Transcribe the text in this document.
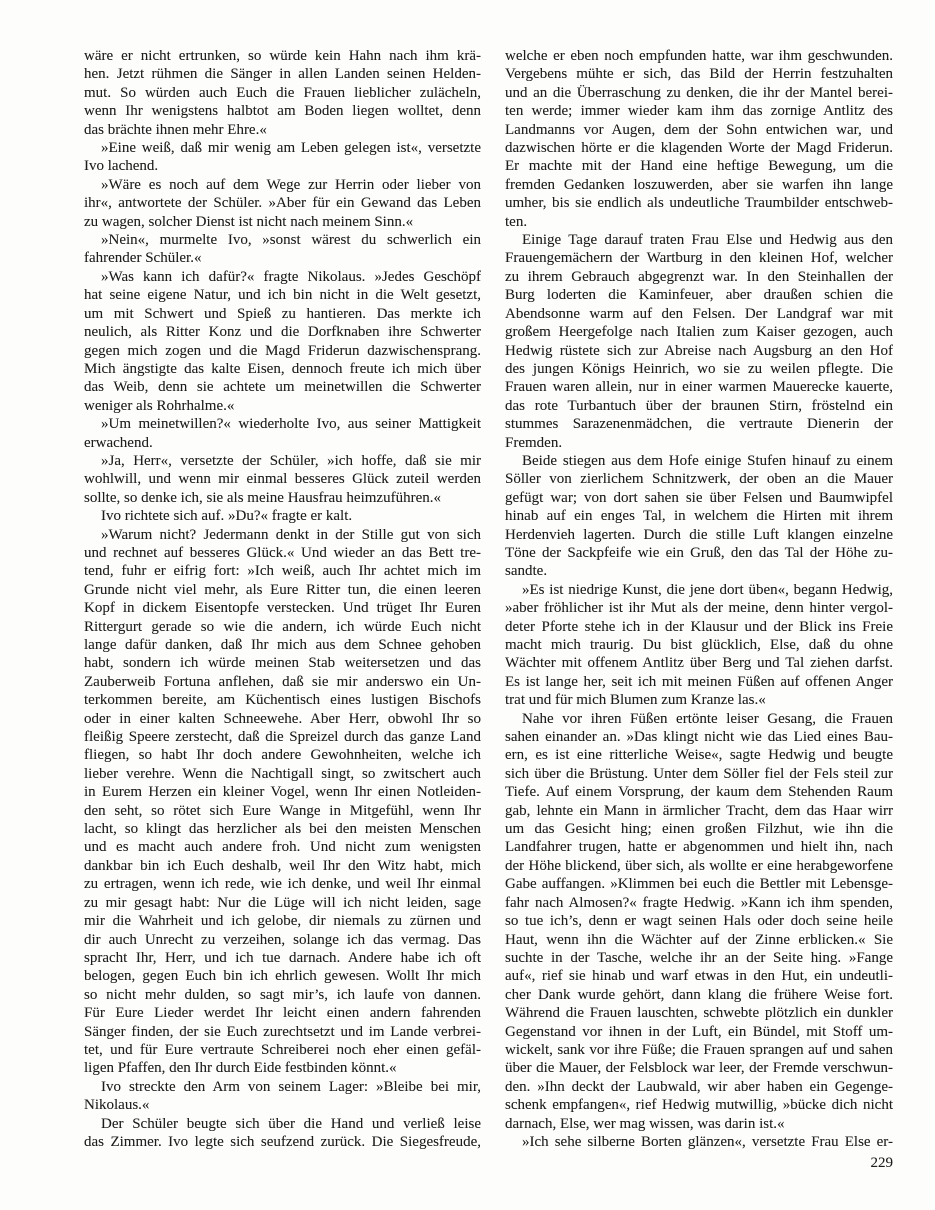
wäre er nicht ertrunken, so würde kein Hahn nach ihm krä-
hen. Jetzt rühmen die Sänger in allen Landen seinen Helden-
mut. So würden auch Euch die Frauen lieblicher zulächeln,
wenn Ihr wenigstens halbtot am Boden liegen wolltet, denn
das brächte ihnen mehr Ehre.«
»Eine weiß, daß mir wenig am Leben gelegen ist«, versetzte
Ivo lachend.
»Wäre es noch auf dem Wege zur Herrin oder lieber von
ihr«, antwortete der Schüler. »Aber für ein Gewand das Leben
zu wagen, solcher Dienst ist nicht nach meinem Sinn.«
»Nein«, murmelte Ivo, »sonst wärest du schwerlich ein
fahrender Schüler.«
»Was kann ich dafür?« fragte Nikolaus. »Jedes Geschöpf
hat seine eigene Natur, und ich bin nicht in die Welt gesetzt,
um mit Schwert und Spieß zu hantieren. Das merkte ich
neulich, als Ritter Konz und die Dorfknaben ihre Schwerter
gegen mich zogen und die Magd Friderun dazwischensprang.
Mich ängstigte das kalte Eisen, dennoch freute ich mich über
das Weib, denn sie achtete um meinetwillen die Schwerter
weniger als Rohrhalme.«
»Um meinetwillen?« wiederholte Ivo, aus seiner Mattigkeit
erwachend.
»Ja, Herr«, versetzte der Schüler, »ich hoffe, daß sie mir
wohlwill, und wenn mir einmal besseres Glück zuteil werden
sollte, so denke ich, sie als meine Hausfrau heimzuführen.«
Ivo richtete sich auf. »Du?« fragte er kalt.
»Warum nicht? Jedermann denkt in der Stille gut von sich
und rechnet auf besseres Glück.« Und wieder an das Bett tre-
tend, fuhr er eifrig fort: »Ich weiß, auch Ihr achtet mich im
Grunde nicht viel mehr, als Eure Ritter tun, die einen leeren
Kopf in dickem Eisentopfe verstecken. Und trüget Ihr Euren
Rittergurt gerade so wie die andern, ich würde Euch nicht
lange dafür danken, daß Ihr mich aus dem Schnee gehoben
habt, sondern ich würde meinen Stab weitersetzen und das
Zauberweib Fortuna anflehen, daß sie mir anderswo ein Un-
terkommen bereite, am Küchentisch eines lustigen Bischofs
oder in einer kalten Schneewehe. Aber Herr, obwohl Ihr so
fleißig Speere zerstecht, daß die Spreizel durch das ganze Land
fliegen, so habt Ihr doch andere Gewohnheiten, welche ich
lieber verehre. Wenn die Nachtigall singt, so zwitschert auch
in Eurem Herzen ein kleiner Vogel, wenn Ihr einen Notleiden-
den seht, so rötet sich Eure Wange in Mitgefühl, wenn Ihr
lacht, so klingt das herzlicher als bei den meisten Menschen
und es macht auch andere froh. Und nicht zum wenigsten
dankbar bin ich Euch deshalb, weil Ihr den Witz habt, mich
zu ertragen, wenn ich rede, wie ich denke, und weil Ihr einmal
zu mir gesagt habt: Nur die Lüge will ich nicht leiden, sage
mir die Wahrheit und ich gelobe, dir niemals zu zürnen und
dir auch Unrecht zu verzeihen, solange ich das vermag. Das
spracht Ihr, Herr, und ich tue darnach. Andere habe ich oft
belogen, gegen Euch bin ich ehrlich gewesen. Wollt Ihr mich
so nicht mehr dulden, so sagt mir’s, ich laufe von dannen.
Für Eure Lieder werdet Ihr leicht einen andern fahrenden
Sänger finden, der sie Euch zurechtsetzt und im Lande verbrei-
tet, und für Eure vertraute Schreiberei noch eher einen gefäl-
ligen Pfaffen, den Ihr durch Eide festbinden könnt.«
Ivo streckte den Arm von seinem Lager: »Bleibe bei mir,
Nikolaus.«
Der Schüler beugte sich über die Hand und verließ leise
das Zimmer. Ivo legte sich seufzend zurück. Die Siegesfreude,
welche er eben noch empfunden hatte, war ihm geschwunden.
Vergebens mühte er sich, das Bild der Herrin festzuhalten
und an die Überraschung zu denken, die ihr der Mantel berei-
ten werde; immer wieder kam ihm das zornige Antlitz des
Landmanns vor Augen, dem der Sohn entwichen war, und
dazwischen hörte er die klagenden Worte der Magd Friderun.
Er machte mit der Hand eine heftige Bewegung, um die
fremden Gedanken loszuwerden, aber sie warfen ihn lange
umher, bis sie endlich als undeutliche Traumbilder entschweb-
ten.
Einige Tage darauf traten Frau Else und Hedwig aus den
Frauengemächern der Wartburg in den kleinen Hof, welcher
zu ihrem Gebrauch abgegrenzt war. In den Steinhallen der
Burg loderten die Kaminfeuer, aber draußen schien die
Abendsonne warm auf den Felsen. Der Landgraf war mit
großem Heergefolge nach Italien zum Kaiser gezogen, auch
Hedwig rüstete sich zur Abreise nach Augsburg an den Hof
des jungen Königs Heinrich, wo sie zu weilen pflegte. Die
Frauen waren allein, nur in einer warmen Mauerecke kauerte,
das rote Turbantuch über der braunen Stirn, fröstelnd ein
stummes Sarazenenmädchen, die vertraute Dienerin der
Fremden.
Beide stiegen aus dem Hofe einige Stufen hinauf zu einem
Söller von zierlichem Schnitzwerk, der oben an die Mauer
gefügt war; von dort sahen sie über Felsen und Baumwipfel
hinab auf ein enges Tal, in welchem die Hirten mit ihrem
Herdenvieh lagerten. Durch die stille Luft klangen einzelne
Töne der Sackpfeife wie ein Gruß, den das Tal der Höhe zu-
sandte.
»Es ist niedrige Kunst, die jene dort üben«, begann Hedwig,
»aber fröhlicher ist ihr Mut als der meine, denn hinter vergol-
deter Pforte stehe ich in der Klausur und der Blick ins Freie
macht mich traurig. Du bist glücklich, Else, daß du ohne
Wächter mit offenem Antlitz über Berg und Tal ziehen darfst.
Es ist lange her, seit ich mit meinen Füßen auf offenen Anger
trat und für mich Blumen zum Kranze las.«
Nahe vor ihren Füßen ertönte leiser Gesang, die Frauen
sahen einander an. »Das klingt nicht wie das Lied eines Bau-
ern, es ist eine ritterliche Weise«, sagte Hedwig und beugte
sich über die Brüstung. Unter dem Söller fiel der Fels steil zur
Tiefe. Auf einem Vorsprung, der kaum dem Stehenden Raum
gab, lehnte ein Mann in ärmlicher Tracht, dem das Haar wirr
um das Gesicht hing; einen großen Filzhut, wie ihn die
Landfahrer trugen, hatte er abgenommen und hielt ihn, nach
der Höhe blickend, über sich, als wollte er eine herabgeworfene
Gabe auffangen. »Klimmen bei euch die Bettler mit Lebensge-
fahr nach Almosen?« fragte Hedwig. »Kann ich ihm spenden,
so tue ich’s, denn er wagt seinen Hals oder doch seine heile
Haut, wenn ihn die Wächter auf der Zinne erblicken.« Sie
suchte in der Tasche, welche ihr an der Seite hing. »Fange
auf«, rief sie hinab und warf etwas in den Hut, ein undeutli-
cher Dank wurde gehört, dann klang die frühere Weise fort.
Während die Frauen lauschten, schwebte plötzlich ein dunkler
Gegenstand vor ihnen in der Luft, ein Bündel, mit Stoff um-
wickelt, sank vor ihre Füße; die Frauen sprangen auf und sahen
über die Mauer, der Felsblock war leer, der Fremde verschwun-
den. »Ihn deckt der Laubwald, wir aber haben ein Gegenge-
schenk empfangen«, rief Hedwig mutwillig, »bücke dich nicht
darnach, Else, wer mag wissen, was darin ist.«
»Ich sehe silberne Borten glänzen«, versetzte Frau Else er-
229
